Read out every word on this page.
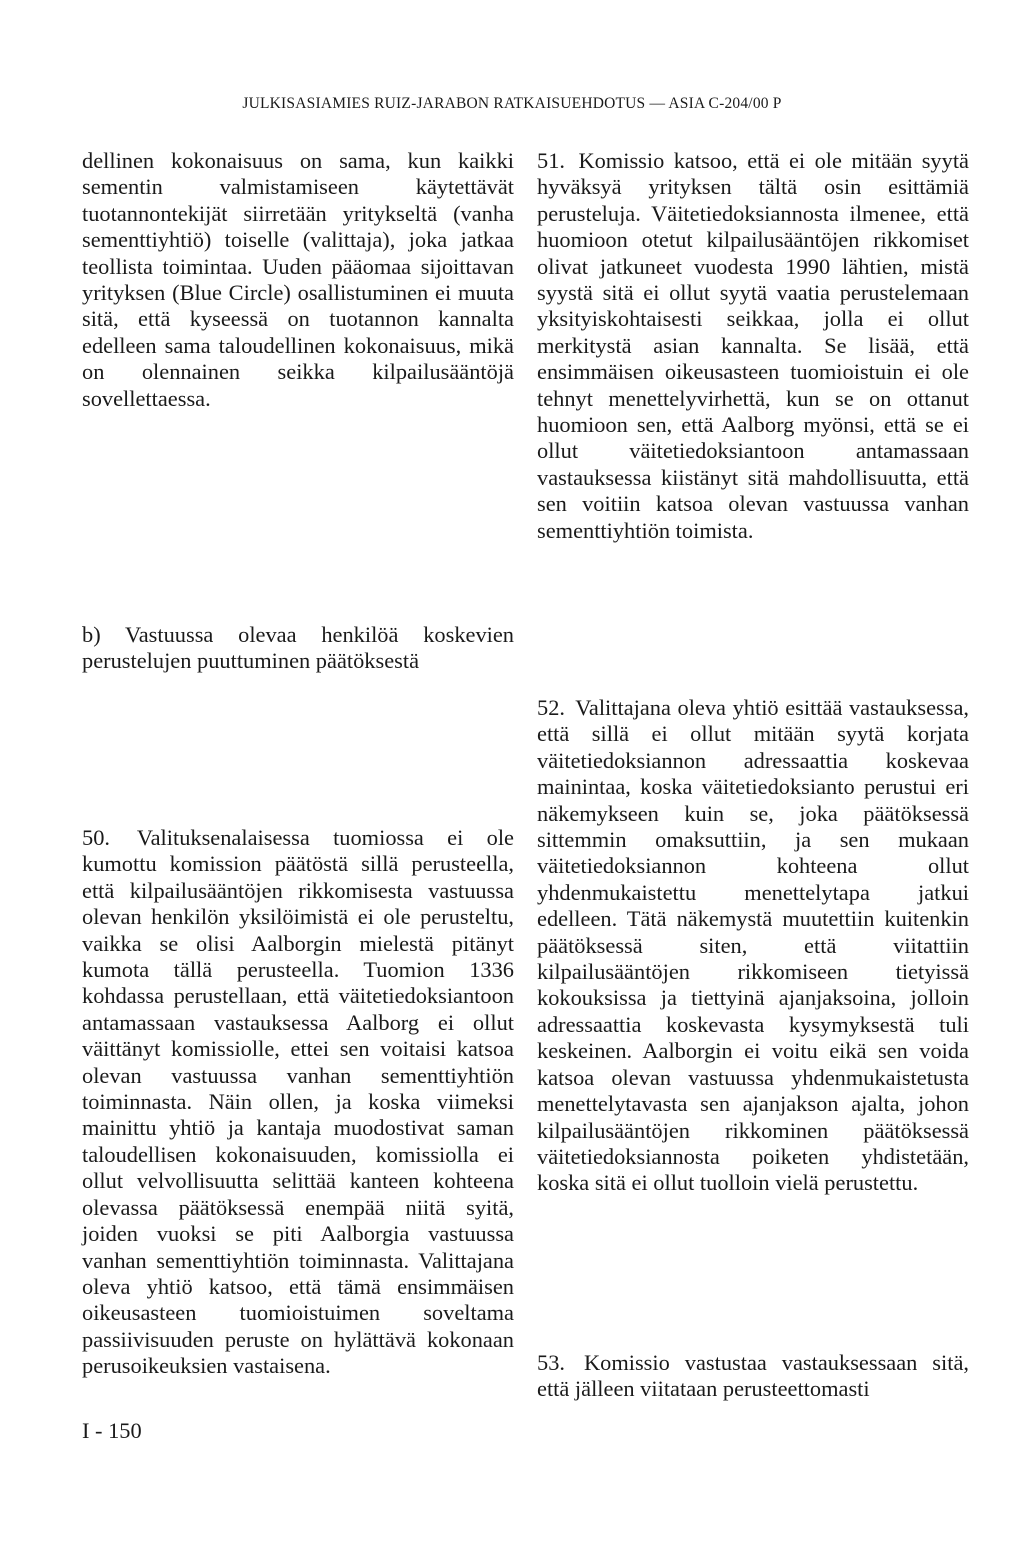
JULKISASIAMIES RUIZ-JARABON RATKAISUEHDOTUS — ASIA C-204/00 P

dellinen kokonaisuus on sama, kun kaikki sementin valmistamiseen käytettävät tuotannontekijät siirretään yritykseltä (vanha sementtiyhtiö) toiselle (valittaja), joka jatkaa teollista toimintaa. Uuden pääomaa sijoittavan yrityksen (Blue Circle) osallistuminen ei muuta sitä, että kyseessä on tuotannon kannalta edelleen sama taloudellinen kokonaisuus, mikä on olennainen seikka kilpailusääntöjä sovellettaessa.

b) Vastuussa olevaa henkilöä koskevien perustelujen puuttuminen päätöksestä

50. Valituksenalaisessa tuomiossa ei ole kumottu komission päätöstä sillä perusteella, että kilpailusääntöjen rikkomisesta vastuussa olevan henkilön yksilöimistä ei ole perusteltu, vaikka se olisi Aalborgin mielestä pitänyt kumota tällä perusteella. Tuomion 1336 kohdassa perustellaan, että väitetiedoksiantoon antamassaan vastauksessa Aalborg ei ollut väittänyt komissiolle, ettei sen voitaisi katsoa olevan vastuussa vanhan sementtiyhtiön toiminnasta. Näin ollen, ja koska viimeksi mainittu yhtiö ja kantaja muodostivat saman taloudellisen kokonaisuuden, komissiolla ei ollut velvollisuutta selittää kanteen kohteena olevassa päätöksessä enempää niitä syitä, joiden vuoksi se piti Aalborgia vastuussa vanhan sementtiyhtiön toiminnasta. Valittajana oleva yhtiö katsoo, että tämä ensimmäisen oikeusasteen tuomioistuimen soveltama passiivisuuden peruste on hylättävä kokonaan perusoikeuksien vastaisena.

51. Komissio katsoo, että ei ole mitään syytä hyväksyä yrityksen tältä osin esittämiä perusteluja. Väitetiedoksiannosta ilmenee, että huomioon otetut kilpailusääntöjen rikkomiset olivat jatkuneet vuodesta 1990 lähtien, mistä syystä sitä ei ollut syytä vaatia perustelemaan yksityiskohtaisesti seikkaa, jolla ei ollut merkitystä asian kannalta. Se lisää, että ensimmäisen oikeusasteen tuomioistuin ei ole tehnyt menettelyvirhettä, kun se on ottanut huomioon sen, että Aalborg myönsi, että se ei ollut väitetiedoksiantoon antamassaan vastauksessa kiistänyt sitä mahdollisuutta, että sen voitiin katsoa olevan vastuussa vanhan sementtiyhtiön toimista.

52. Valittajana oleva yhtiö esittää vastauksessa, että sillä ei ollut mitään syytä korjata väitetiedoksiannon adressaattia koskevaa mainintaa, koska väitetiedoksianto perustui eri näkemykseen kuin se, joka päätöksessä sittemmin omaksuttiin, ja sen mukaan väitetiedoksiannon kohteena ollut yhdenmukaistettu menettelytapa jatkui edelleen. Tätä näkemystä muutettiin kuitenkin päätöksessä siten, että viitattiin kilpailusääntöjen rikkomiseen tietyissä kokouksissa ja tiettyinä ajanjaksoina, jolloin adressaattia koskevasta kysymyksestä tuli keskeinen. Aalborgin ei voitu eikä sen voida katsoa olevan vastuussa yhdenmukaistetusta menettelytavasta sen ajanjakson ajalta, johon kilpailusääntöjen rikkominen päätöksessä väitetiedoksiannosta poiketen yhdistetään, koska sitä ei ollut tuolloin vielä perustettu.

53. Komissio vastustaa vastauksessaan sitä, että jälleen viitataan perusteettomasti

I - 150
